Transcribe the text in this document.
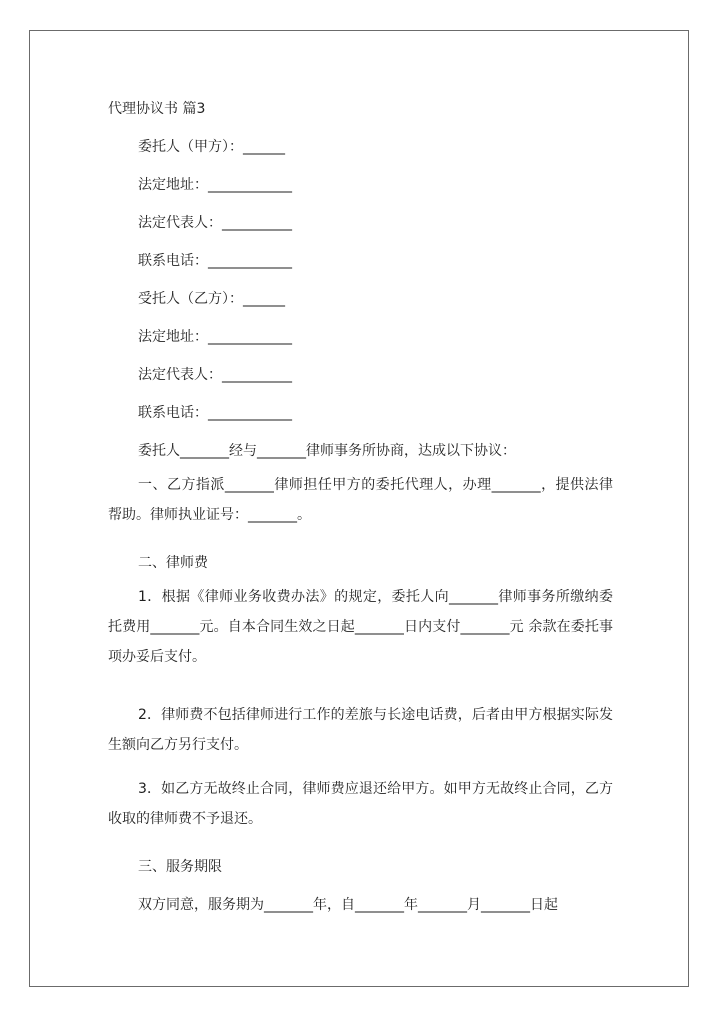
代理协议书 篇3
委托人（甲方）：______
法定地址：____________
法定代表人：__________
联系电话：____________
受托人（乙方）：______
法定地址：____________
法定代表人：__________
联系电话：____________
委托人_______经与_______律师事务所协商，达成以下协议：
一、乙方指派_______律师担任甲方的委托代理人，办理_______，提供法律帮助。律师执业证号：_______。
二、律师费
1．根据《律师业务收费办法》的规定，委托人向_______律师事务所缴纳委托费用_______元。自本合同生效之日起_______日内支付_______元 余款在委托事项办妥后支付。
2．律师费不包括律师进行工作的差旅与长途电话费，后者由甲方根据实际发生额向乙方另行支付。
3．如乙方无故终止合同，律师费应退还给甲方。如甲方无故终止合同，乙方收取的律师费不予退还。
三、服务期限
双方同意，服务期为_______年，自_______年_______月_______日起
